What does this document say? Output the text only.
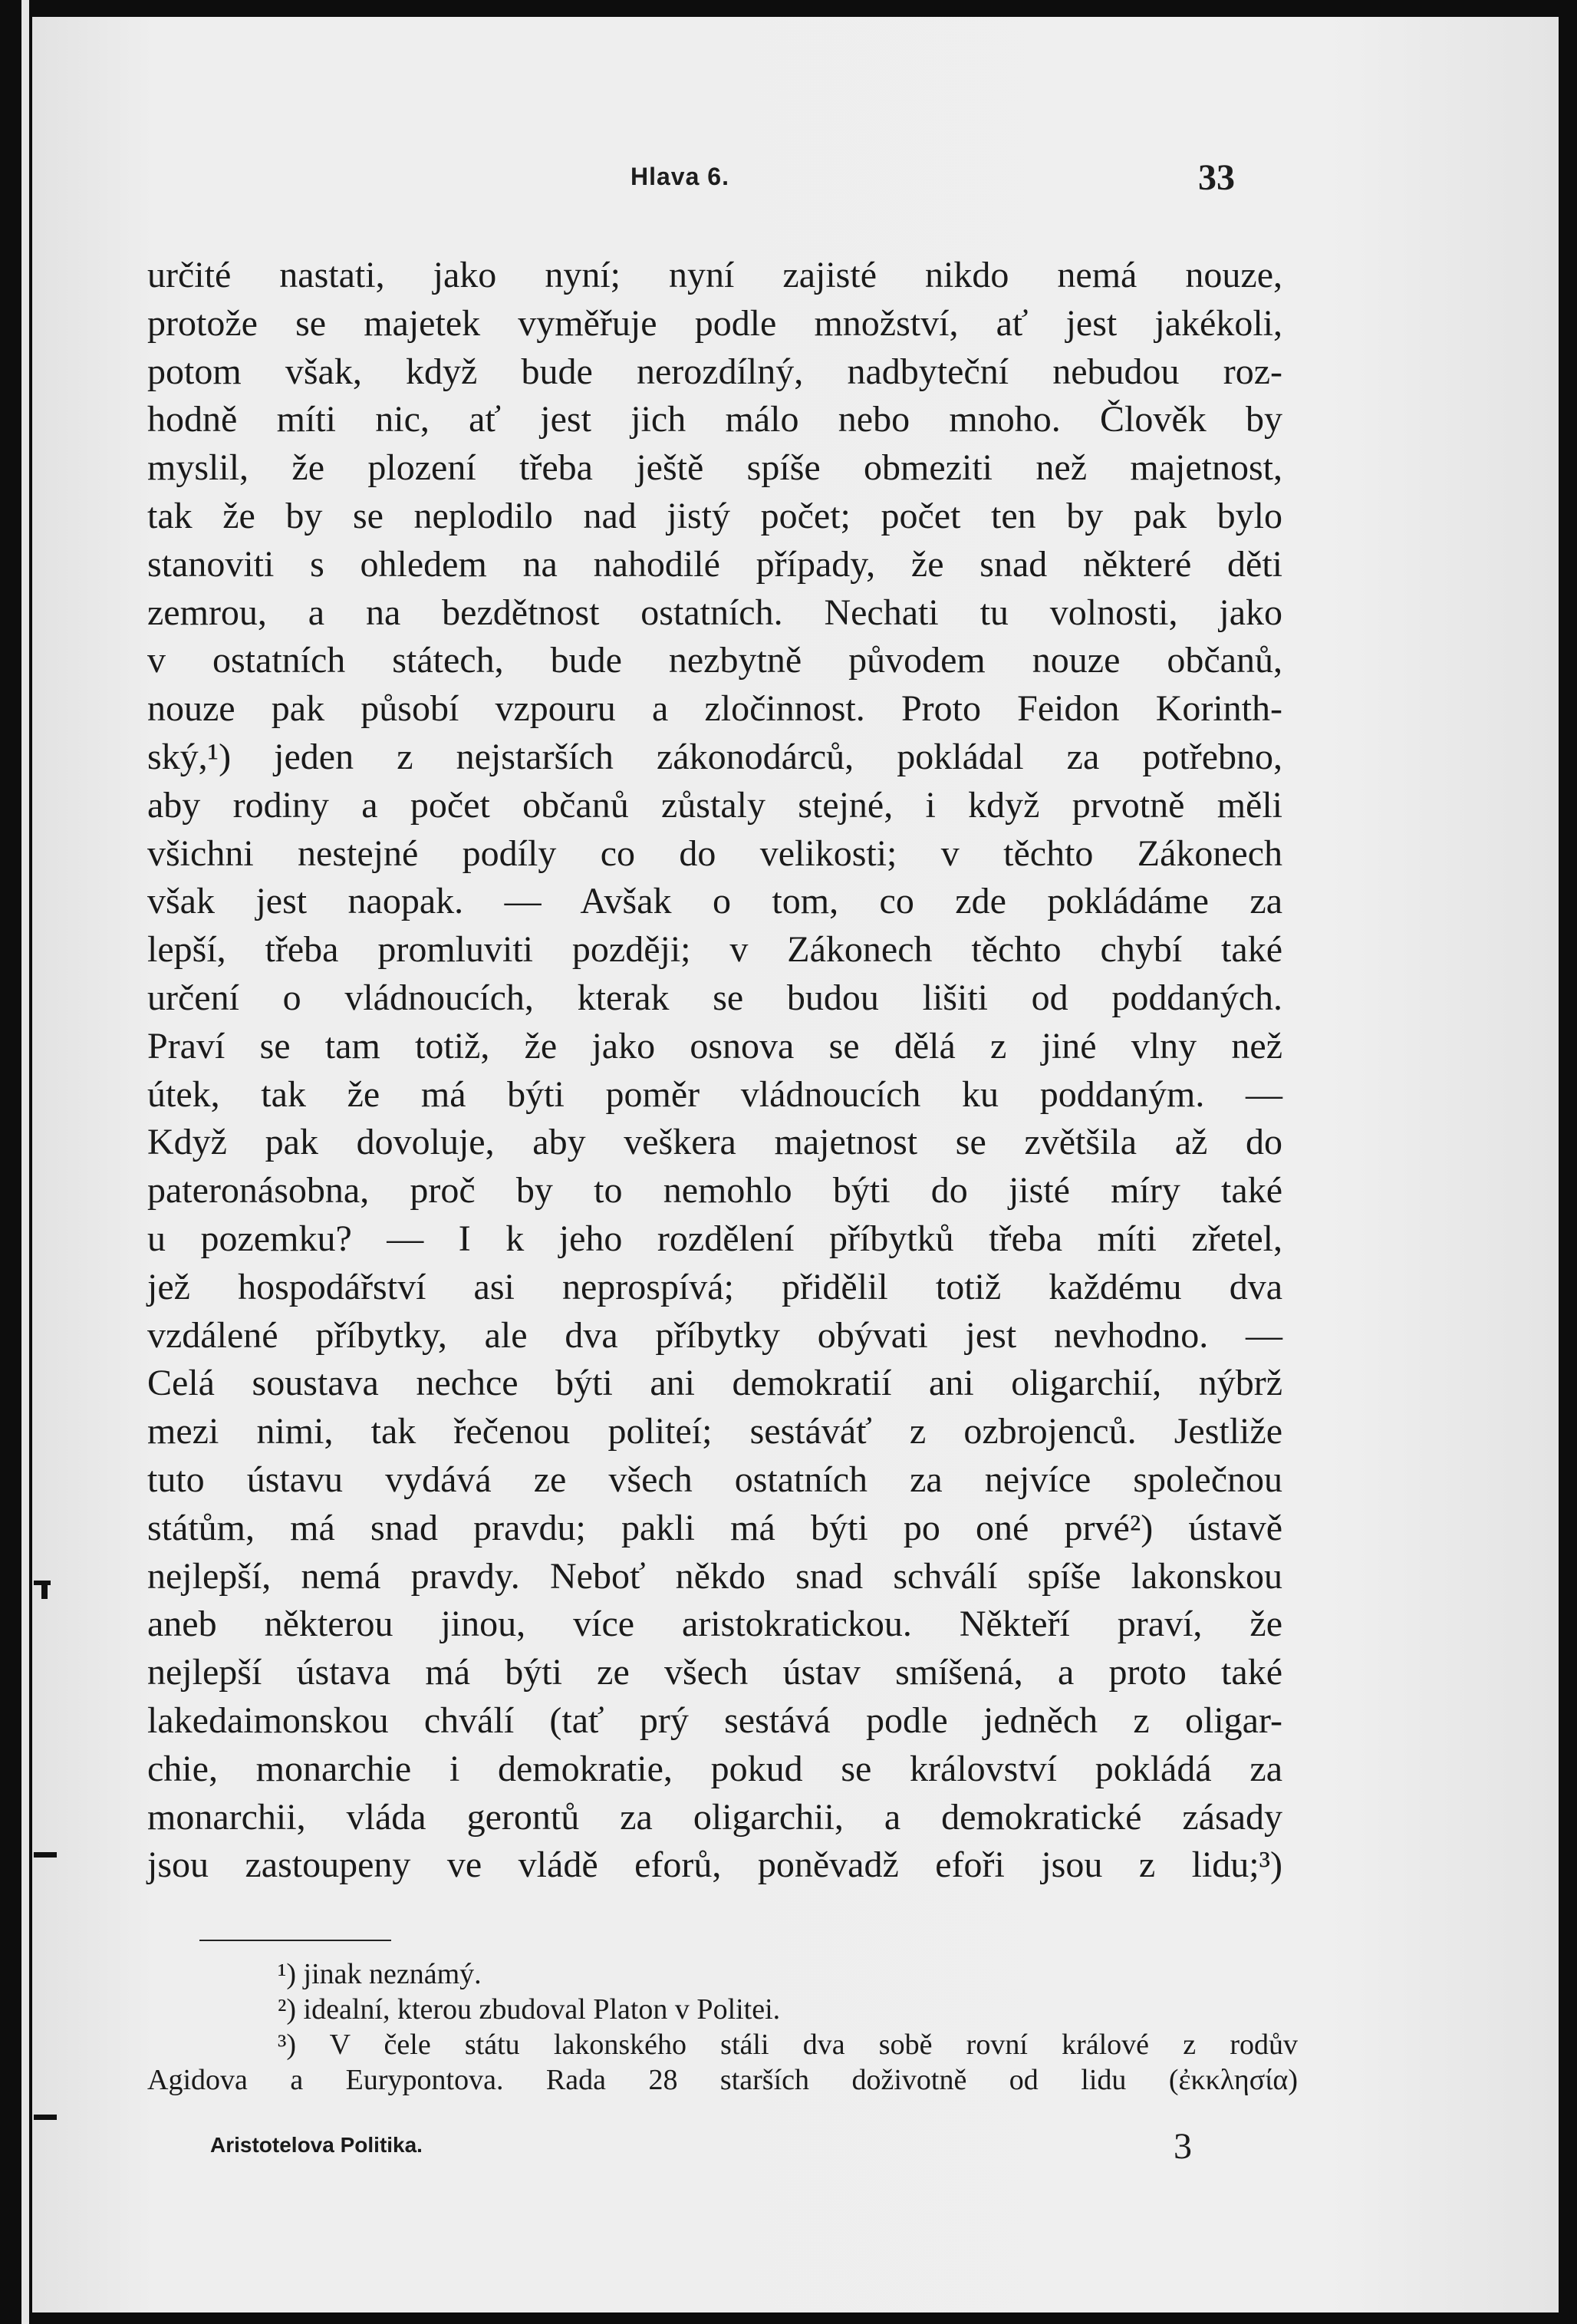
Hlava 6.	33
určité nastati, jako nyní; nyní zajisté nikdo nemá nouze,
protože se majetek vyměřuje podle množství, ať jest jakékoli,
potom však, když bude nerozdílný, nadbyteční nebudou roz-
hodně míti nic, ať jest jich málo nebo mnoho. Člověk by
myslil, že plození třeba ještě spíše obmeziti než majetnost,
tak že by se neplodilo nad jistý počet; počet ten by pak bylo
stanoviti s ohledem na nahodilé případy, že snad některé děti
zemrou, a na bezdětnost ostatních. Nechati tu volnosti, jako
v ostatních státech, bude nezbytně původem nouze občanů,
nouze pak působí vzpouru a zločinnost. Proto Feidon Korinth-
ský,¹) jeden z nejstarších zákonodárců, pokládal za potřebno,
aby rodiny a počet občanů zůstaly stejné, i když prvotně měli
všichni nestejné podíly co do velikosti; v těchto Zákonech
však jest naopak. — Avšak o tom, co zde pokládáme za
lepší, třeba promluviti později; v Zákonech těchto chybí také
určení o vládnoucích, kterak se budou lišiti od poddaných.
Praví se tam totiž, že jako osnova se dělá z jiné vlny než
útek, tak že má býti poměr vládnoucích ku poddaným. —
Když pak dovoluje, aby veškera majetnost se zvětšila až do
pateronásobna, proč by to nemohlo býti do jisté míry také
u pozemku? — I k jeho rozdělení příbytků třeba míti zřetel,
jež hospodářství asi neprospívá; přidělil totiž každému dva
vzdálené příbytky, ale dva příbytky obývati jest nevhodno. —
Celá soustava nechce býti ani demokratií ani oligarchií, nýbrž
mezi nimi, tak řečenou politeí; sestáváť z ozbrojenců. Jestliže
tuto ústavu vydává ze všech ostatních za nejvíce společnou
státům, má snad pravdu; pakli má býti po oné prvé²) ústavě
nejlepší, nemá pravdy. Neboť někdo snad schválí spíše lakonskou
aneb některou jinou, více aristokratickou. Někteří praví, že
nejlepší ústava má býti ze všech ústav smíšená, a proto také
lakedaimonskou chválí (tať prý sestává podle jedněch z oligar-
chie, monarchie i demokratie, pokud se království pokládá za
monarchii, vláda gerontů za oligarchii, a demokratické zásady
jsou zastoupeny ve vládě eforů, poněvadž efoři jsou z lidu;³)
¹) jinak neznámý.
²) idealní, kterou zbudoval Platon v Politei.
³) V čele státu lakonského stáli dva sobě rovní králové z rodův
Agidova a Eurypontova. Rada 28 starších doživotně od lidu (ἐκκλησία)
Aristotelova Politika.	3
